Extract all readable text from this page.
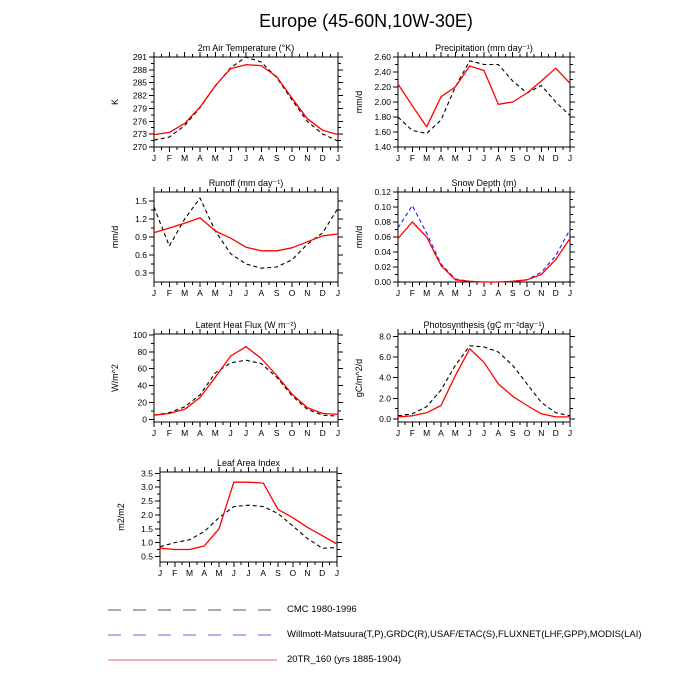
Europe (45-60N,10W-30E)
270
273
276
279
282
285
288
291
J F M A M J J A S O N D J
2m Air Temperature (°K)
K
1.40
1.60
1.80
2.00
2.20
2.40
2.60
J F M A M J J A S O N D J
Precipitation (mm day⁻¹)
mm/d
0.3
0.6
0.9
1.2
1.5
J F M A M J J A S O N D J
Runoff (mm day⁻¹)
mm/d
0.00
0.02
0.04
0.06
0.08
0.10
0.12
J F M A M J J A S O N D J
Snow Depth (m)
mm/d
0
20
40
60
80
100
J F M A M J J A S O N D J
Latent Heat Flux (W m⁻²)
W/m^2
0.0
2.0
4.0
6.0
8.0
J F M A M J J A S O N D J
Photosynthesis (gC m⁻²day⁻¹)
gC/m^2/d
0.5
1.0
1.5
2.0
2.5
3.0
3.5
J F M A M J J A S O N D J
Leaf Area Index
m2/m2
CMC 1980-1996
Willmott-Matsuura(T,P),GRDC(R),USAF/ETAC(S),FLUXNET(LHF,GPP),MODIS(LAI)
20TR_160 (yrs 1885-1904)
